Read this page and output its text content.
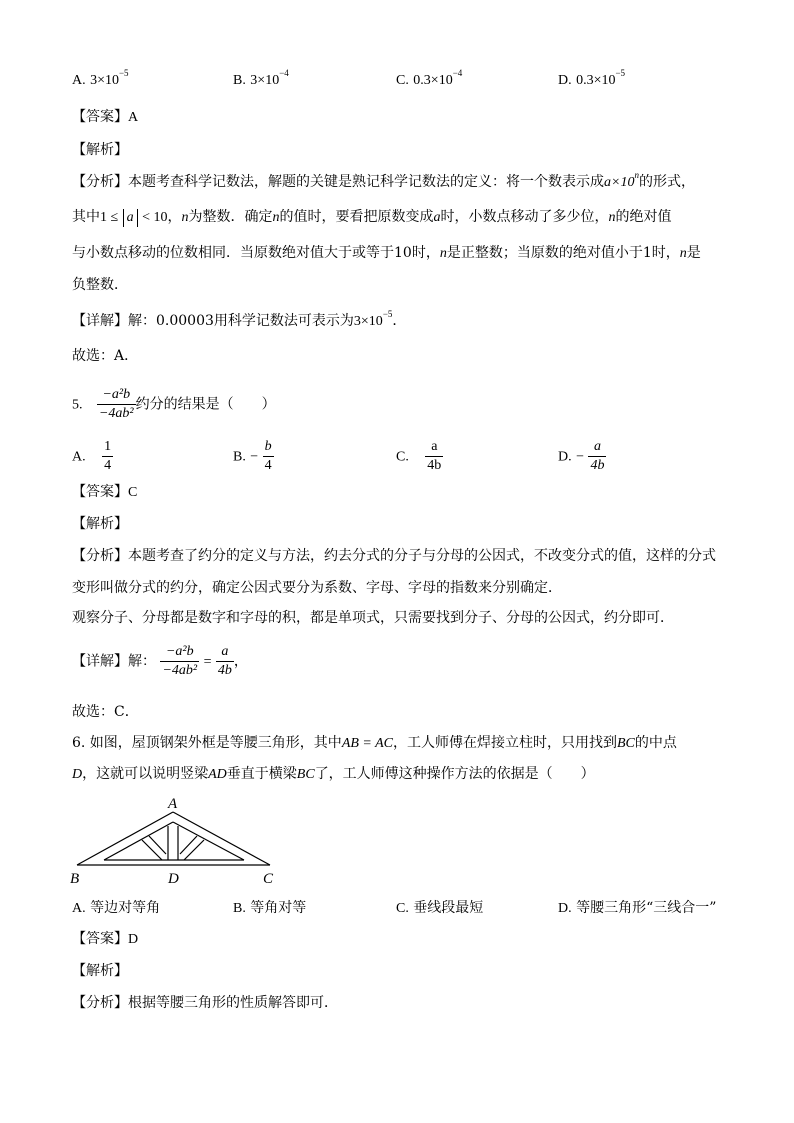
A. $3\times 10^{-5}$	B. $3\times 10^{-4}$	C. $0.3\times 10^{-4}$	D. $0.3\times 10^{-5}$
【答案】A
【解析】
【分析】本题考查科学记数法，解题的关键是熟记科学记数法的定义：将一个数表示成$a\times 10^n$的形式，
其中1 ≤ a < 10，n为整数．确定n的值时，要看把原数变成a时，小数点移动了多少位，n的绝对值
与小数点移动的位数相同．当原数绝对值大于或等于10时，n是正整数；当原数的绝对值小于1时，n是
负整数．
【详解】解：0.00003用科学记数法可表示为$3\times 10^{-5}$．
故选：A．
5. $\frac{\text{−a²b}}{\text{−4ab²}}$ 约分的结果是（　　）
A. $\frac{1}{4}$	B. − $\frac{b}{4}$	C. $\frac{a}{4b}$	D. − $\frac{a}{4b}$
【答案】C
【解析】
【分析】本题考查了约分的定义与方法，约去分式的分子与分母的公因式，不改变分式的值，这样的分式
变形叫做分式的约分，确定公因式要分为系数、字母、字母的指数来分别确定．
观察分子、分母都是数字和字母的积，都是单项式，只需要找到分子、分母的公因式，约分即可．
【详解】解： $\frac{\text{−a²b}}{\text{−4ab²}} = \frac{a}{4b}$ ，
故选：C．
6. 如图，屋顶钢架外框是等腰三角形，其中AB = AC，工人师傅在焊接立柱时，只用找到BC的中点
D，这就可以说明竖梁AD垂直于横梁BC了，工人师傅这种操作方法的依据是（　　）
A
B	D	C
A. 等边对等角	B. 等角对等	C. 垂线段最短	D. 等腰三角形“三线合一”
【答案】D
【解析】
【分析】根据等腰三角形的性质解答即可．
